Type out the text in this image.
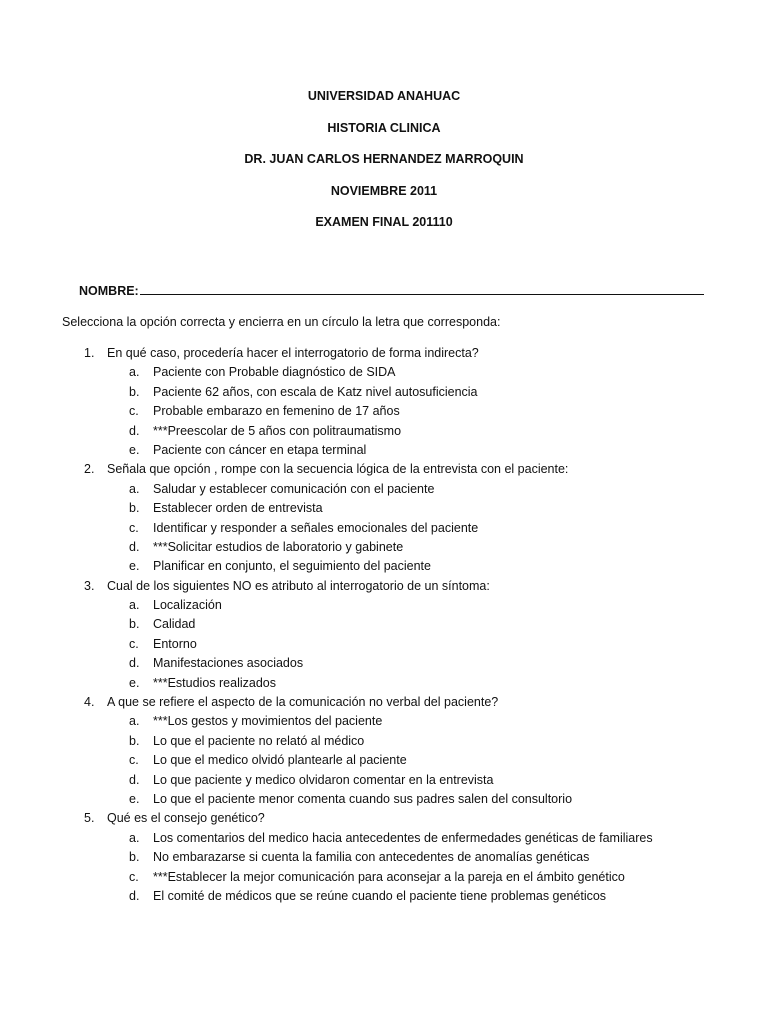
UNIVERSIDAD ANAHUAC
HISTORIA CLINICA
DR. JUAN CARLOS HERNANDEZ MARROQUIN
NOVIEMBRE 2011
EXAMEN FINAL 201110
NOMBRE:
Selecciona la opción correcta y encierra en un círculo la letra que corresponda:
1. En qué caso, procedería hacer el interrogatorio de forma indirecta?
a. Paciente con Probable diagnóstico de SIDA
b. Paciente 62 años, con escala de Katz nivel autosuficiencia
c. Probable embarazo en femenino de 17 años
d. ***Preescolar de 5 años con politraumatismo
e. Paciente con cáncer en etapa terminal
2. Señala que opción , rompe con la secuencia lógica de la entrevista con el paciente:
a. Saludar y establecer comunicación con el paciente
b. Establecer orden de entrevista
c. Identificar y responder a señales emocionales del paciente
d. ***Solicitar estudios de laboratorio y gabinete
e. Planificar en conjunto, el seguimiento del paciente
3. Cual de los siguientes NO es atributo al interrogatorio de un síntoma:
a. Localización
b. Calidad
c. Entorno
d. Manifestaciones asociados
e. ***Estudios realizados
4. A que se refiere el aspecto de la comunicación no verbal del paciente?
a. ***Los gestos y movimientos del paciente
b. Lo que el paciente no relató al médico
c. Lo que el medico olvidó plantearle al paciente
d. Lo que paciente y medico olvidaron comentar en la entrevista
e. Lo que el paciente menor comenta cuando sus padres salen del consultorio
5. Qué es el consejo genético?
a. Los comentarios del medico hacia antecedentes de enfermedades genéticas de familiares
b. No embarazarse si cuenta la familia con antecedentes de anomalías genéticas
c. ***Establecer la mejor comunicación para aconsejar a la pareja en el ámbito genético
d. El comité de médicos que se reúne cuando el paciente tiene problemas genéticos
